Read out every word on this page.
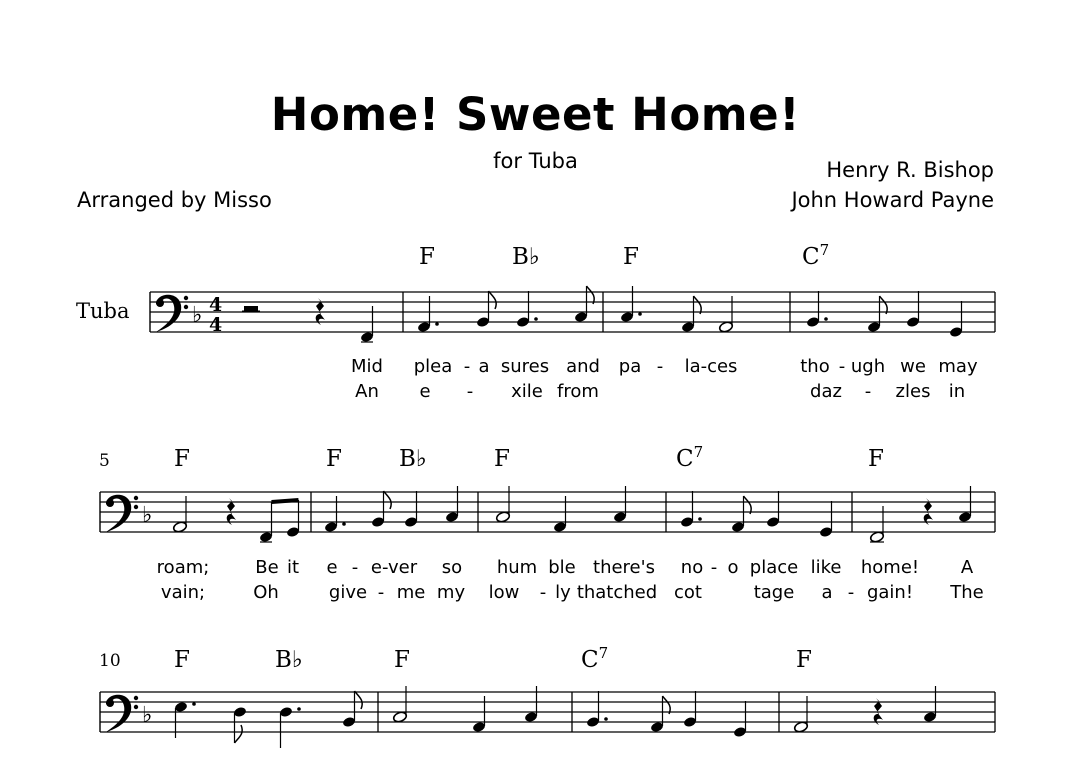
Home! Sweet Home!
for Tuba	Henry R. Bishop
John Howard Payne
Arranged by Misso
Tuba	♭ 4
4
F	B♭	F	$C^7$
Mid plea - a sures and pa - la-ces	tho - ugh we may
An e - xile from	daz - zles in
5
♭
F	F B♭	F	$C^7$	F
roam;	Be it e - e-ver so hum ble there's no - o place like home! A
vain;	Oh	give - me my low - ly thatched cot	tage a - gain! The
10
♭
F	B♭	F	$C^7$	F
